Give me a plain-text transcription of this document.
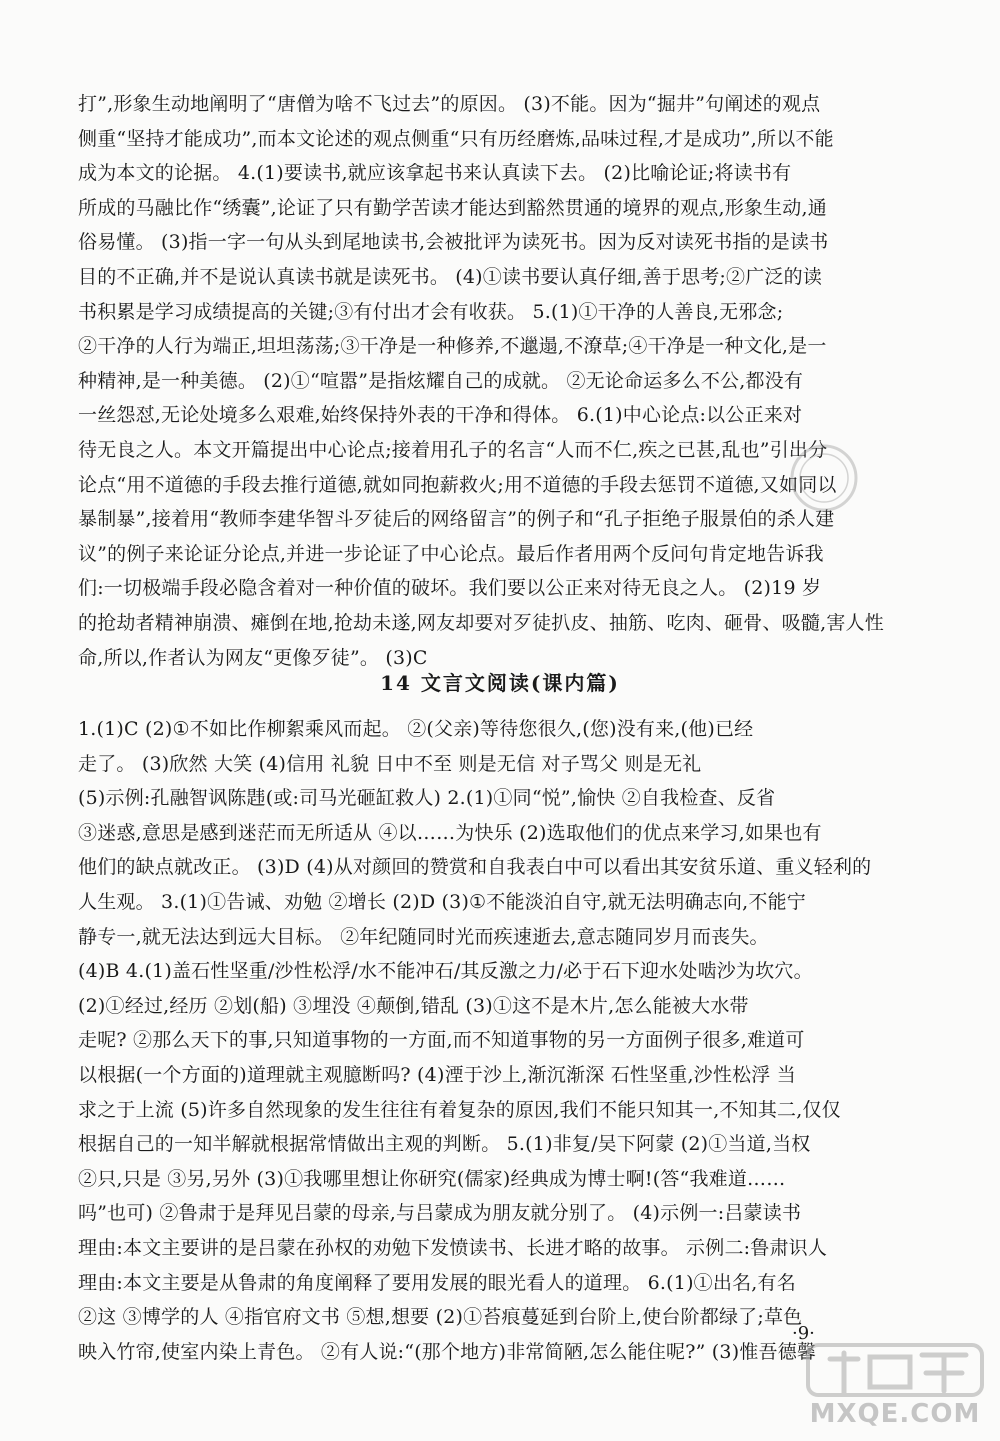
打”,形象生动地阐明了“唐僧为啥不飞过去”的原因。 (3)不能。因为“掘井”句阐述的观点
侧重“坚持才能成功”,而本文论述的观点侧重“只有历经磨炼,品味过程,才是成功”,所以不能
成为本文的论据。 4.(1)要读书,就应该拿起书来认真读下去。 (2)比喻论证;将读书有
所成的马融比作“绣囊”,论证了只有勤学苦读才能达到豁然贯通的境界的观点,形象生动,通
俗易懂。 (3)指一字一句从头到尾地读书,会被批评为读死书。因为反对读死书指的是读书
目的不正确,并不是说认真读书就是读死书。 (4)①读书要认真仔细,善于思考;②广泛的读
书积累是学习成绩提高的关键;③有付出才会有收获。 5.(1)①干净的人善良,无邪念;
②干净的人行为端正,坦坦荡荡;③干净是一种修养,不邋遢,不潦草;④干净是一种文化,是一
种精神,是一种美德。 (2)①“喧嚣”是指炫耀自己的成就。 ②无论命运多么不公,都没有
一丝怨怼,无论处境多么艰难,始终保持外表的干净和得体。 6.(1)中心论点:以公正来对
待无良之人。本文开篇提出中心论点;接着用孔子的名言“人而不仁,疾之已甚,乱也”引出分
论点“用不道德的手段去推行道德,就如同抱薪救火;用不道德的手段去惩罚不道德,又如同以
暴制暴”,接着用“教师李建华智斗歹徒后的网络留言”的例子和“孔子拒绝子服景伯的杀人建
议”的例子来论证分论点,并进一步论证了中心论点。最后作者用两个反问句肯定地告诉我
们:一切极端手段必隐含着对一种价值的破坏。我们要以公正来对待无良之人。 (2)19 岁
的抢劫者精神崩溃、瘫倒在地,抢劫未遂,网友却要对歹徒扒皮、抽筋、吃肉、砸骨、吸髓,害人性
命,所以,作者认为网友“更像歹徒”。 (3)C
14 文言文阅读(课内篇)
1.(1)C (2)①不如比作柳絮乘风而起。 ②(父亲)等待您很久,(您)没有来,(他)已经
走了。 (3)欣然 大笑 (4)信用 礼貌 日中不至 则是无信 对子骂父 则是无礼
(5)示例:孔融智讽陈韪(或:司马光砸缸救人) 2.(1)①同“悦”,愉快 ②自我检查、反省
③迷惑,意思是感到迷茫而无所适从 ④以……为快乐 (2)选取他们的优点来学习,如果也有
他们的缺点就改正。 (3)D (4)从对颜回的赞赏和自我表白中可以看出其安贫乐道、重义轻利的
人生观。 3.(1)①告诫、劝勉 ②增长 (2)D (3)①不能淡泊自守,就无法明确志向,不能宁
静专一,就无法达到远大目标。 ②年纪随同时光而疾速逝去,意志随同岁月而丧失。
(4)B 4.(1)盖石性坚重/沙性松浮/水不能冲石/其反激之力/必于石下迎水处啮沙为坎穴。
(2)①经过,经历 ②划(船) ③埋没 ④颠倒,错乱 (3)①这不是木片,怎么能被大水带
走呢? ②那么天下的事,只知道事物的一方面,而不知道事物的另一方面例子很多,难道可
以根据(一个方面的)道理就主观臆断吗? (4)湮于沙上,渐沉渐深 石性坚重,沙性松浮 当
求之于上流 (5)许多自然现象的发生往往有着复杂的原因,我们不能只知其一,不知其二,仅仅
根据自己的一知半解就根据常情做出主观的判断。 5.(1)非复/吴下阿蒙 (2)①当道,当权
②只,只是 ③另,另外 (3)①我哪里想让你研究(儒家)经典成为博士啊!(答“我难道……
吗”也可) ②鲁肃于是拜见吕蒙的母亲,与吕蒙成为朋友就分别了。 (4)示例一:吕蒙读书
理由:本文主要讲的是吕蒙在孙权的劝勉下发愤读书、长进才略的故事。 示例二:鲁肃识人
理由:本文主要是从鲁肃的角度阐释了要用发展的眼光看人的道理。 6.(1)①出名,有名
②这 ③博学的人 ④指官府文书 ⑤想,想要 (2)①苔痕蔓延到台阶上,使台阶都绿了;草色
映入竹帘,使室内染上青色。 ②有人说:“(那个地方)非常简陋,怎么能住呢?” (3)惟吾德馨
·9·
MXQE.COM
